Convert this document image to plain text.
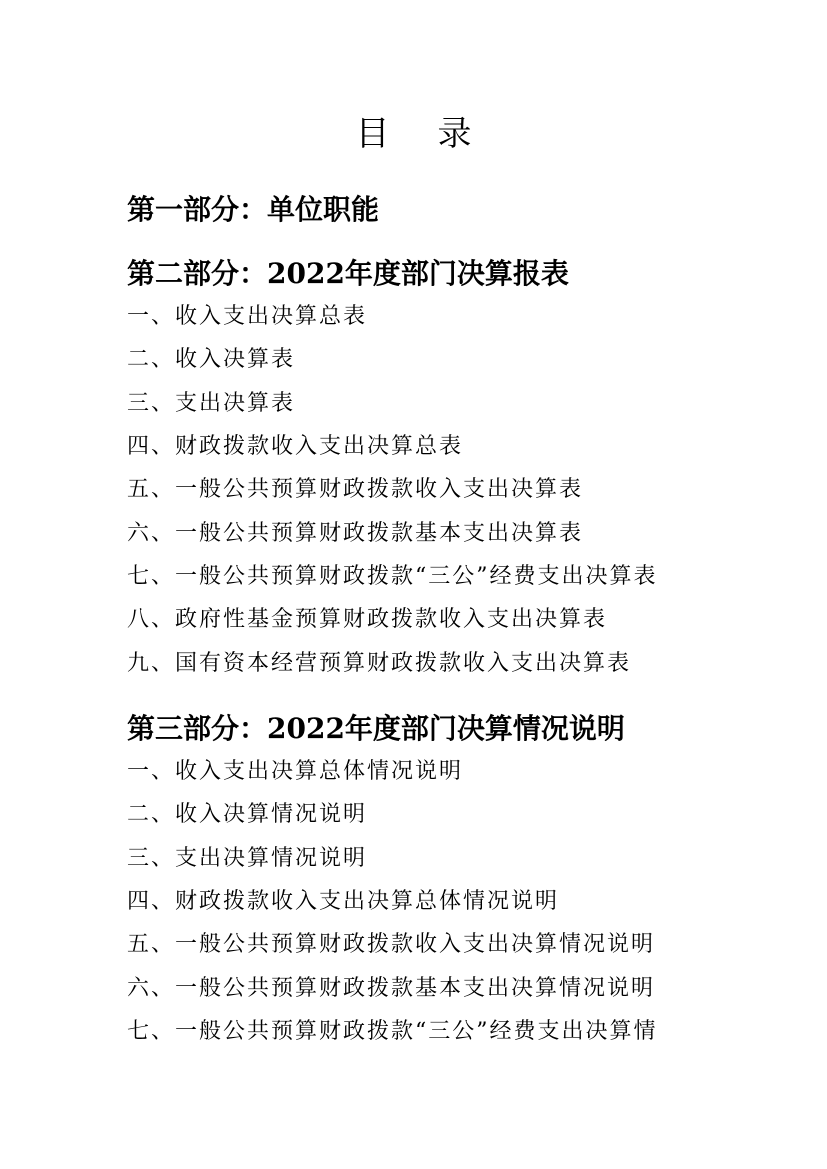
目录
第一部分：单位职能
第二部分：2022年度部门决算报表
一、收入支出决算总表
二、收入决算表
三、支出决算表
四、财政拨款收入支出决算总表
五、一般公共预算财政拨款收入支出决算表
六、一般公共预算财政拨款基本支出决算表
七、一般公共预算财政拨款“三公”经费支出决算表
八、政府性基金预算财政拨款收入支出决算表
九、国有资本经营预算财政拨款收入支出决算表
第三部分：2022年度部门决算情况说明
一、收入支出决算总体情况说明
二、收入决算情况说明
三、支出决算情况说明
四、财政拨款收入支出决算总体情况说明
五、一般公共预算财政拨款收入支出决算情况说明
六、一般公共预算财政拨款基本支出决算情况说明
七、一般公共预算财政拨款“三公”经费支出决算情
